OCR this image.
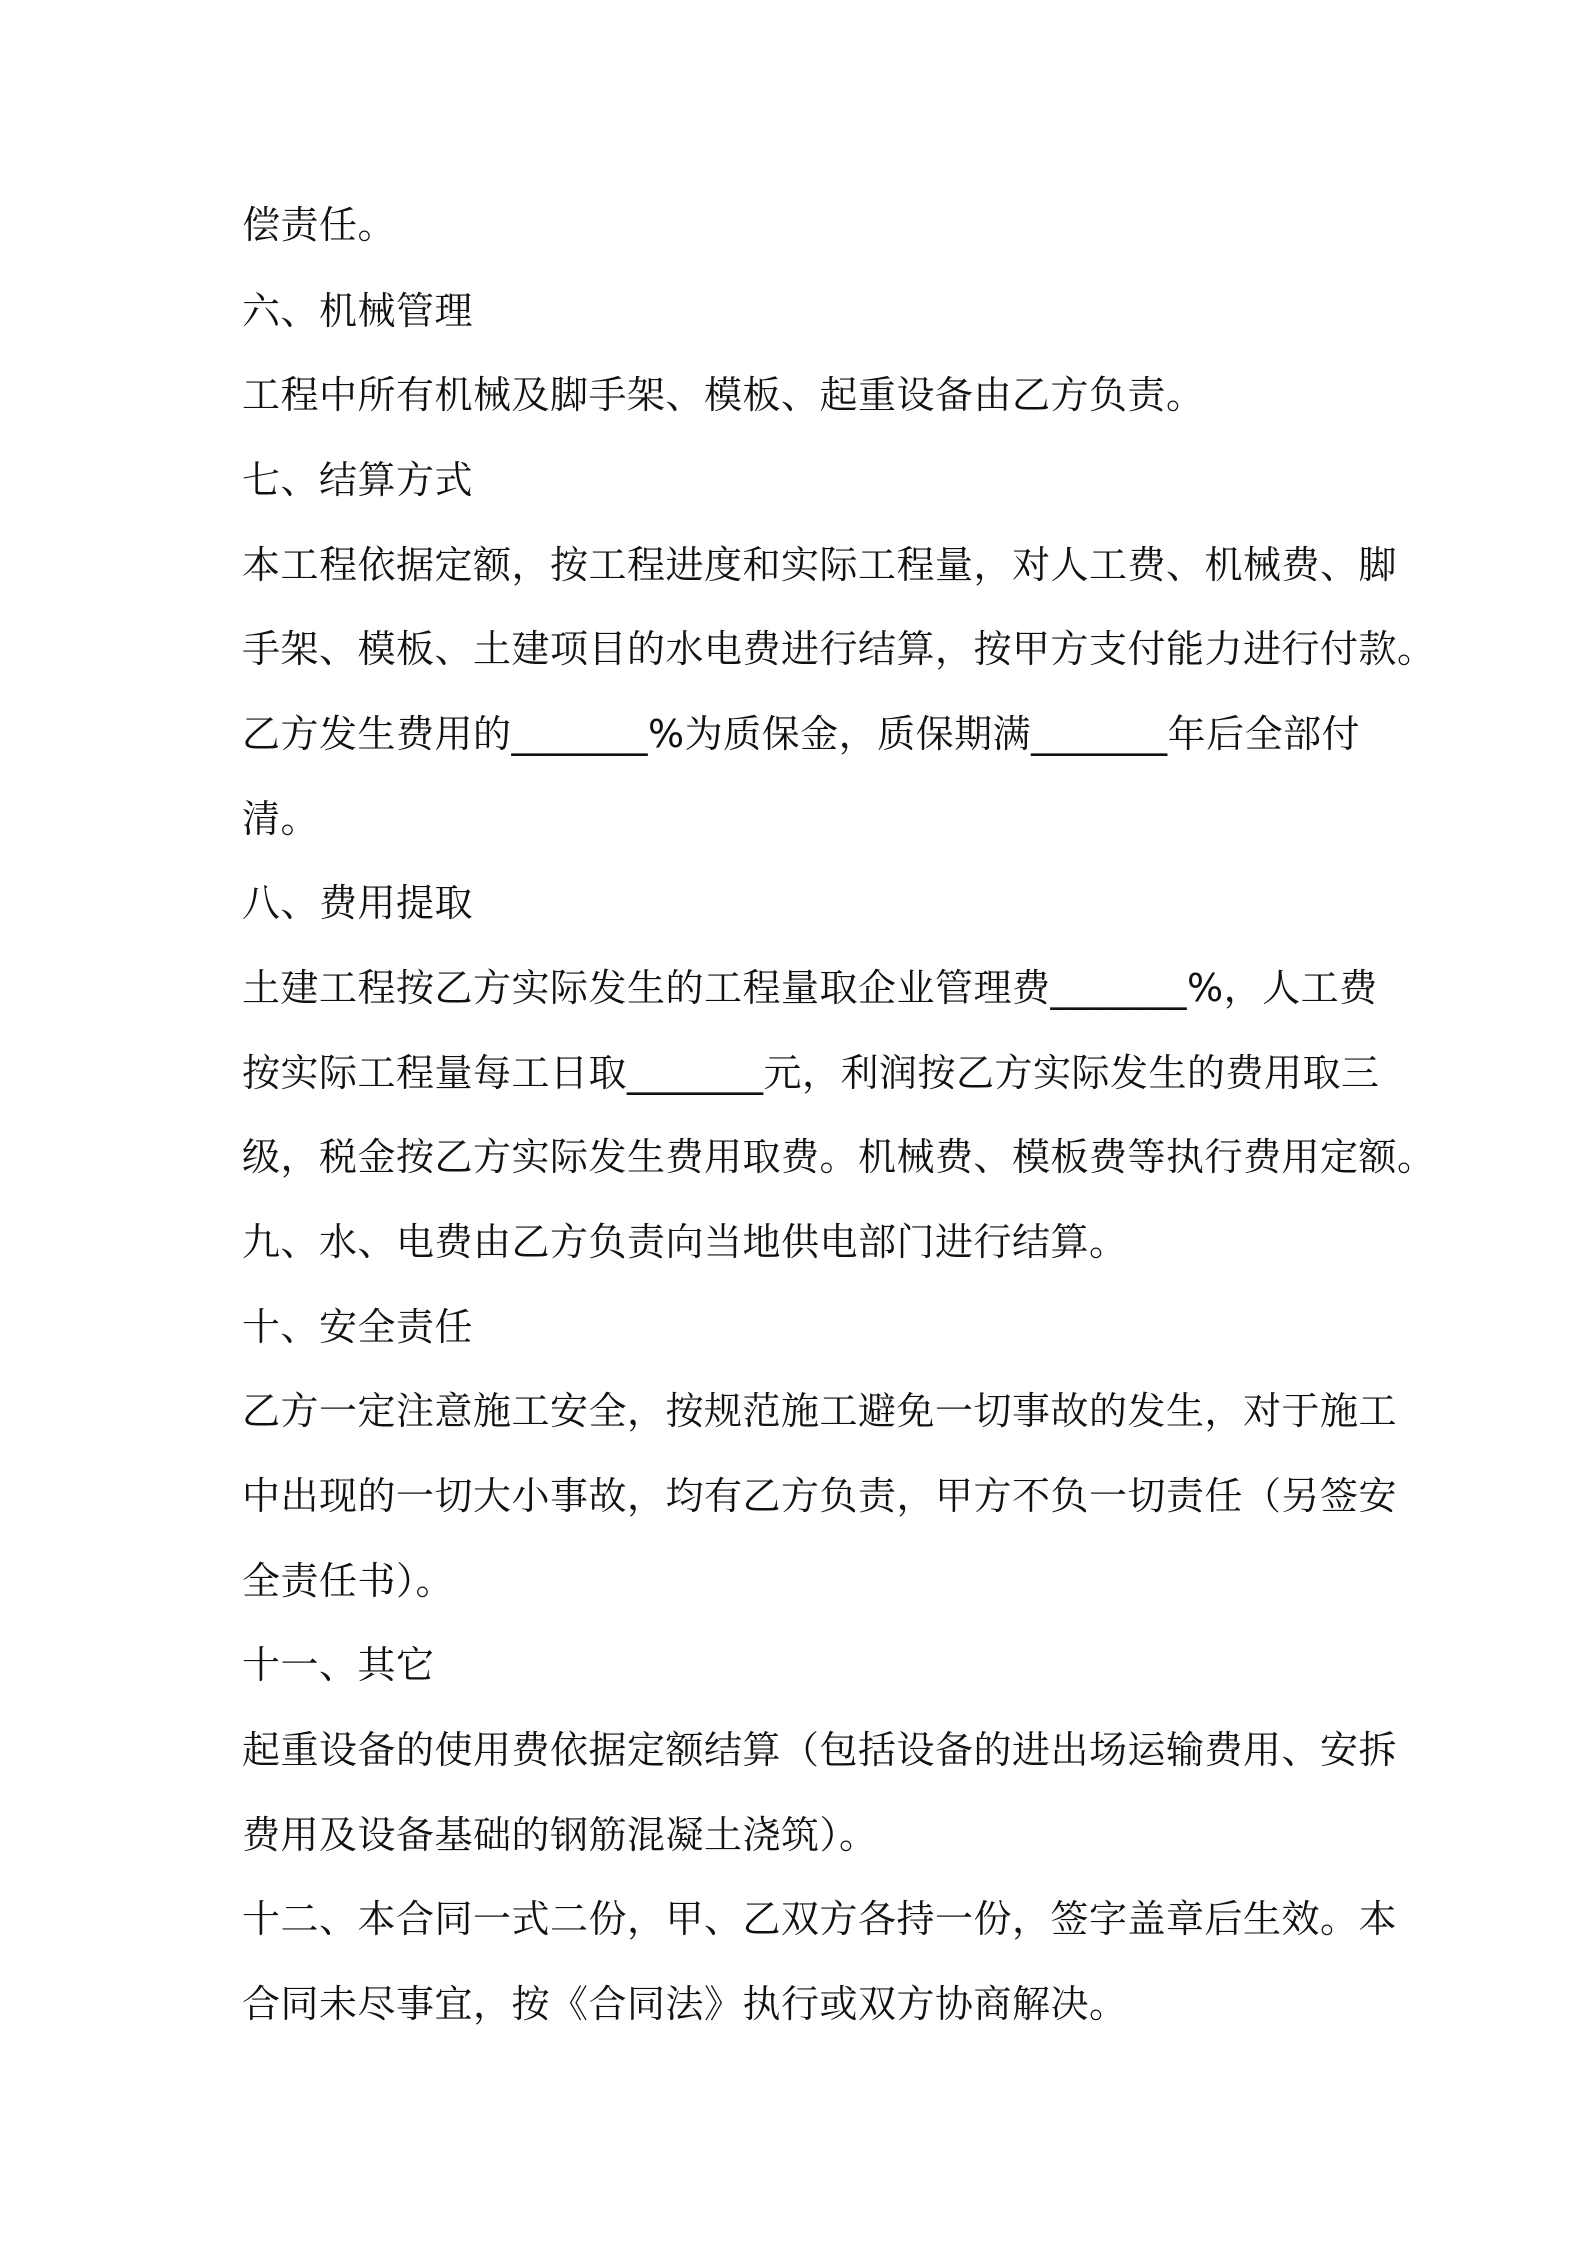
偿责任。
六、机械管理
工程中所有机械及脚手架、模板、起重设备由乙方负责。
七、结算方式
本工程依据定额，按工程进度和实际工程量，对人工费、机械费、脚
手架、模板、土建项目的水电费进行结算，按甲方支付能力进行付款。
乙方发生费用的_______%为质保金，质保期满_______年后全部付
清。
八、费用提取
土建工程按乙方实际发生的工程量取企业管理费_______%，人工费
按实际工程量每工日取_______元，利润按乙方实际发生的费用取三
级，税金按乙方实际发生费用取费。机械费、模板费等执行费用定额。
九、水、电费由乙方负责向当地供电部门进行结算。
十、安全责任
乙方一定注意施工安全，按规范施工避免一切事故的发生，对于施工
中出现的一切大小事故，均有乙方负责，甲方不负一切责任（另签安
全责任书）。
十一、其它
起重设备的使用费依据定额结算（包括设备的进出场运输费用、安拆
费用及设备基础的钢筋混凝土浇筑）。
十二、本合同一式二份，甲、乙双方各持一份，签字盖章后生效。本
合同未尽事宜，按《合同法》执行或双方协商解决。
